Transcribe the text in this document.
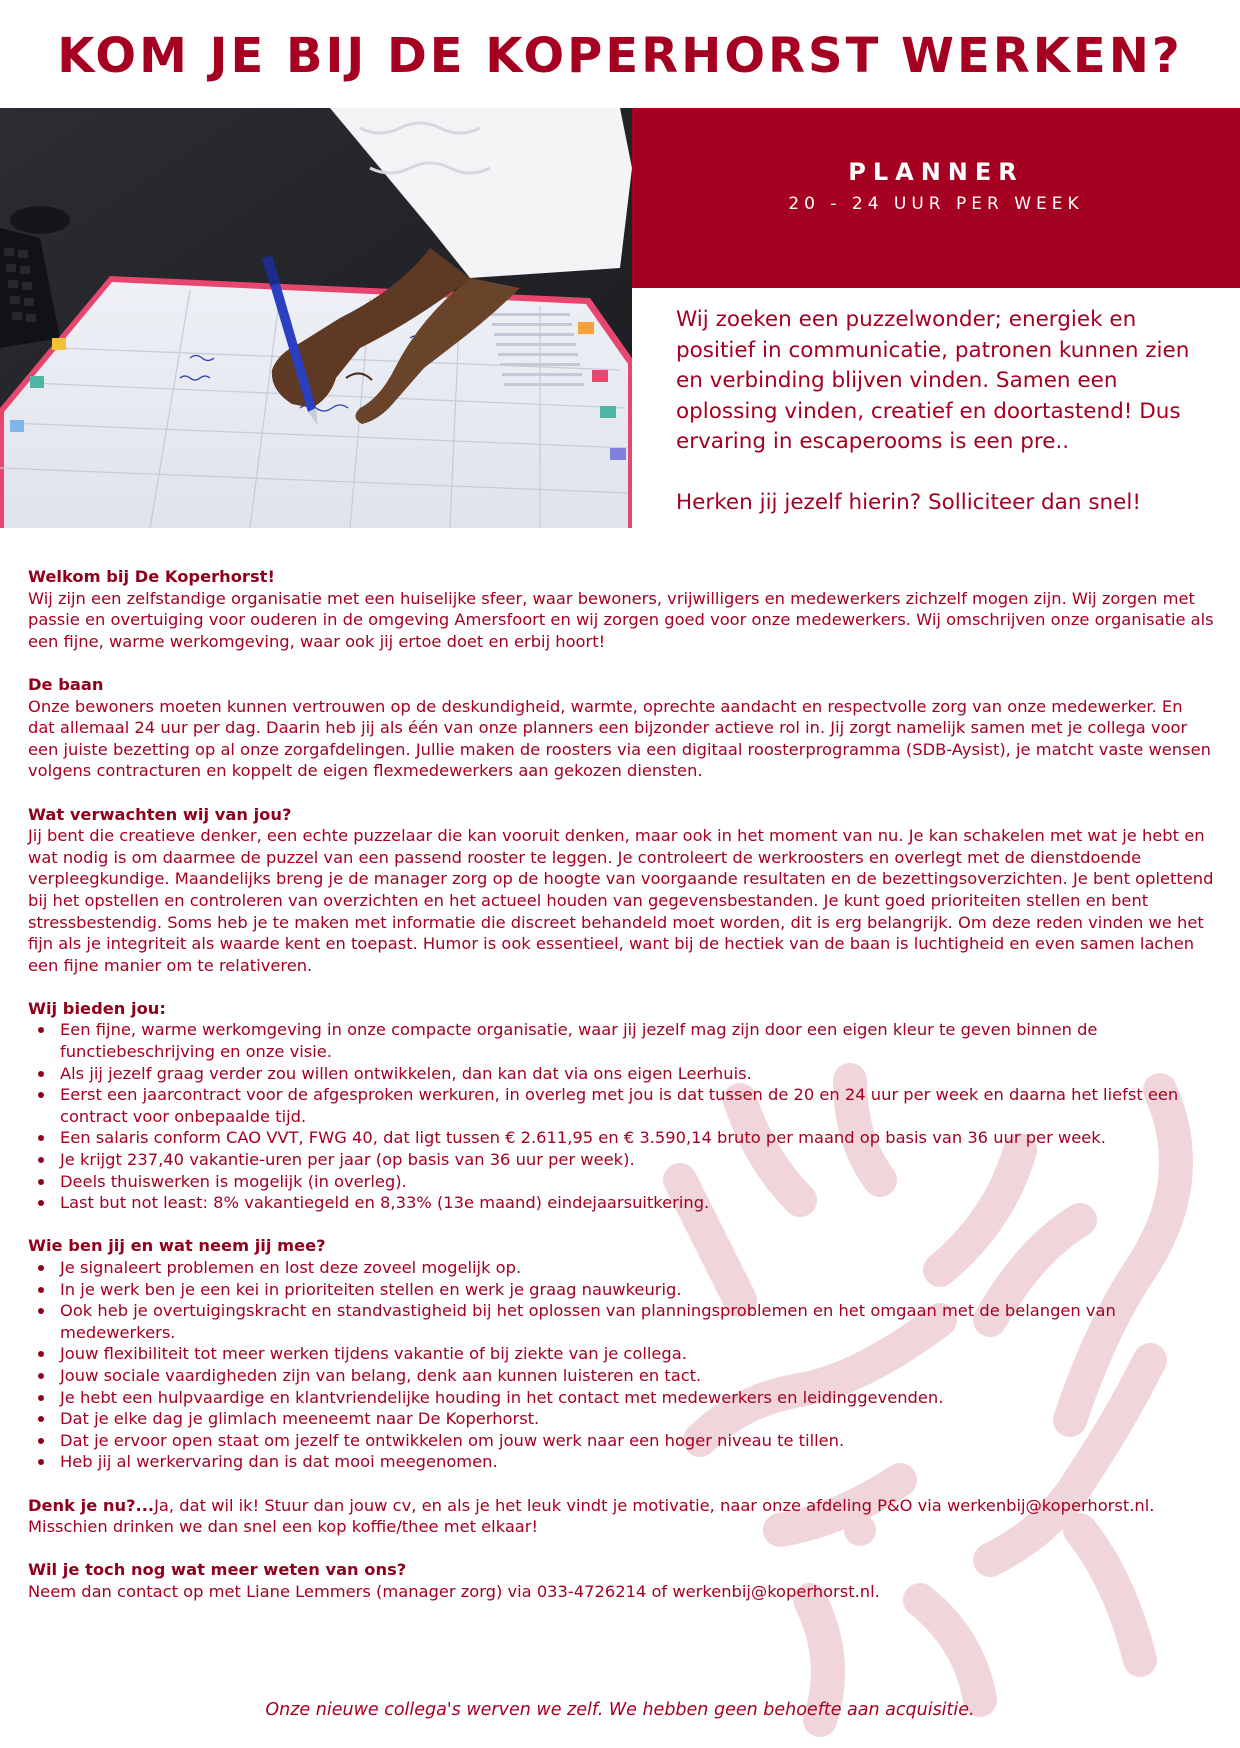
KOM JE BIJ DE KOPERHORST WERKEN?
PLANNER
20 - 24 UUR PER WEEK

Wij zoeken een puzzelwonder; energiek en positief in communicatie, patronen kunnen zien en verbinding blijven vinden. Samen een oplossing vinden, creatief en doortastend! Dus ervaring in escaperooms is een pre..

Herken jij jezelf hierin? Solliciteer dan snel!

Welkom bij De Koperhorst!

Wij zijn een zelfstandige organisatie met een huiselijke sfeer, waar bewoners, vrijwilligers en medewerkers zichzelf mogen zijn. Wij zorgen met passie en overtuiging voor ouderen in de omgeving Amersfoort en wij zorgen goed voor onze medewerkers. Wij omschrijven onze organisatie als een fijne, warme werkomgeving, waar ook jij ertoe doet en erbij hoort!

De baan

Onze bewoners moeten kunnen vertrouwen op de deskundigheid, warmte, oprechte aandacht en respectvolle zorg van onze medewerker. En dat allemaal 24 uur per dag. Daarin heb jij als één van onze planners een bijzonder actieve rol in. Jij zorgt namelijk samen met je collega voor een juiste bezetting op al onze zorgafdelingen. Jullie maken de roosters via een digitaal roosterprogramma (SDB-Aysist), je matcht vaste wensen volgens contracturen en koppelt de eigen flexmedewerkers aan gekozen diensten.

Wat verwachten wij van jou?

Jij bent die creatieve denker, een echte puzzelaar die kan vooruit denken, maar ook in het moment van nu. Je kan schakelen met wat je hebt en wat nodig is om daarmee de puzzel van een passend rooster te leggen. Je controleert de werkroosters en overlegt met de dienstdoende verpleegkundige. Maandelijks breng je de manager zorg op de hoogte van voorgaande resultaten en de bezettingsoverzichten. Je bent oplettend bij het opstellen en controleren van overzichten en het actueel houden van gegevensbestanden. Je kunt goed prioriteiten stellen en bent stressbestendig. Soms heb je te maken met informatie die discreet behandeld moet worden, dit is erg belangrijk. Om deze reden vinden we het fijn als je integriteit als waarde kent en toepast. Humor is ook essentieel, want bij de hectiek van de baan is luchtigheid en even samen lachen een fijne manier om te relativeren.

Wij bieden jou:
Een fijne, warme werkomgeving in onze compacte organisatie, waar jij jezelf mag zijn door een eigen kleur te geven binnen de functiebeschrijving en onze visie.
Als jij jezelf graag verder zou willen ontwikkelen, dan kan dat via ons eigen Leerhuis.
Eerst een jaarcontract voor de afgesproken werkuren, in overleg met jou is dat tussen de 20 en 24 uur per week en daarna het liefst een contract voor onbepaalde tijd.
Een salaris conform CAO VVT, FWG 40, dat ligt tussen € 2.611,95 en € 3.590,14 bruto per maand op basis van 36 uur per week.
Je krijgt 237,40 vakantie-uren per jaar (op basis van 36 uur per week).
Deels thuiswerken is mogelijk (in overleg).
Last but not least: 8% vakantiegeld en 8,33% (13e maand) eindejaarsuitkering.
Wie ben jij en wat neem jij mee?
Je signaleert problemen en lost deze zoveel mogelijk op.
In je werk ben je een kei in prioriteiten stellen en werk je graag nauwkeurig.
Ook heb je overtuigingskracht en standvastigheid bij het oplossen van planningsproblemen en het omgaan met de belangen van medewerkers.
Jouw flexibiliteit tot meer werken tijdens vakantie of bij ziekte van je collega.
Jouw sociale vaardigheden zijn van belang, denk aan kunnen luisteren en tact.
Je hebt een hulpvaardige en klantvriendelijke houding in het contact met medewerkers en leidinggevenden.
Dat je elke dag je glimlach meeneemt naar De Koperhorst.
Dat je ervoor open staat om jezelf te ontwikkelen om jouw werk naar een hoger niveau te tillen.
Heb jij al werkervaring dan is dat mooi meegenomen.

Denk je nu?...Ja, dat wil ik! Stuur dan jouw cv, en als je het leuk vindt je motivatie, naar onze afdeling P&O via werkenbij@koperhorst.nl. Misschien drinken we dan snel een kop koffie/thee met elkaar!

Wil je toch nog wat meer weten van ons?

Neem dan contact op met Liane Lemmers (manager zorg) via 033-4726214 of werkenbij@koperhorst.nl.

Onze nieuwe collega's werven we zelf. We hebben geen behoefte aan acquisitie.
